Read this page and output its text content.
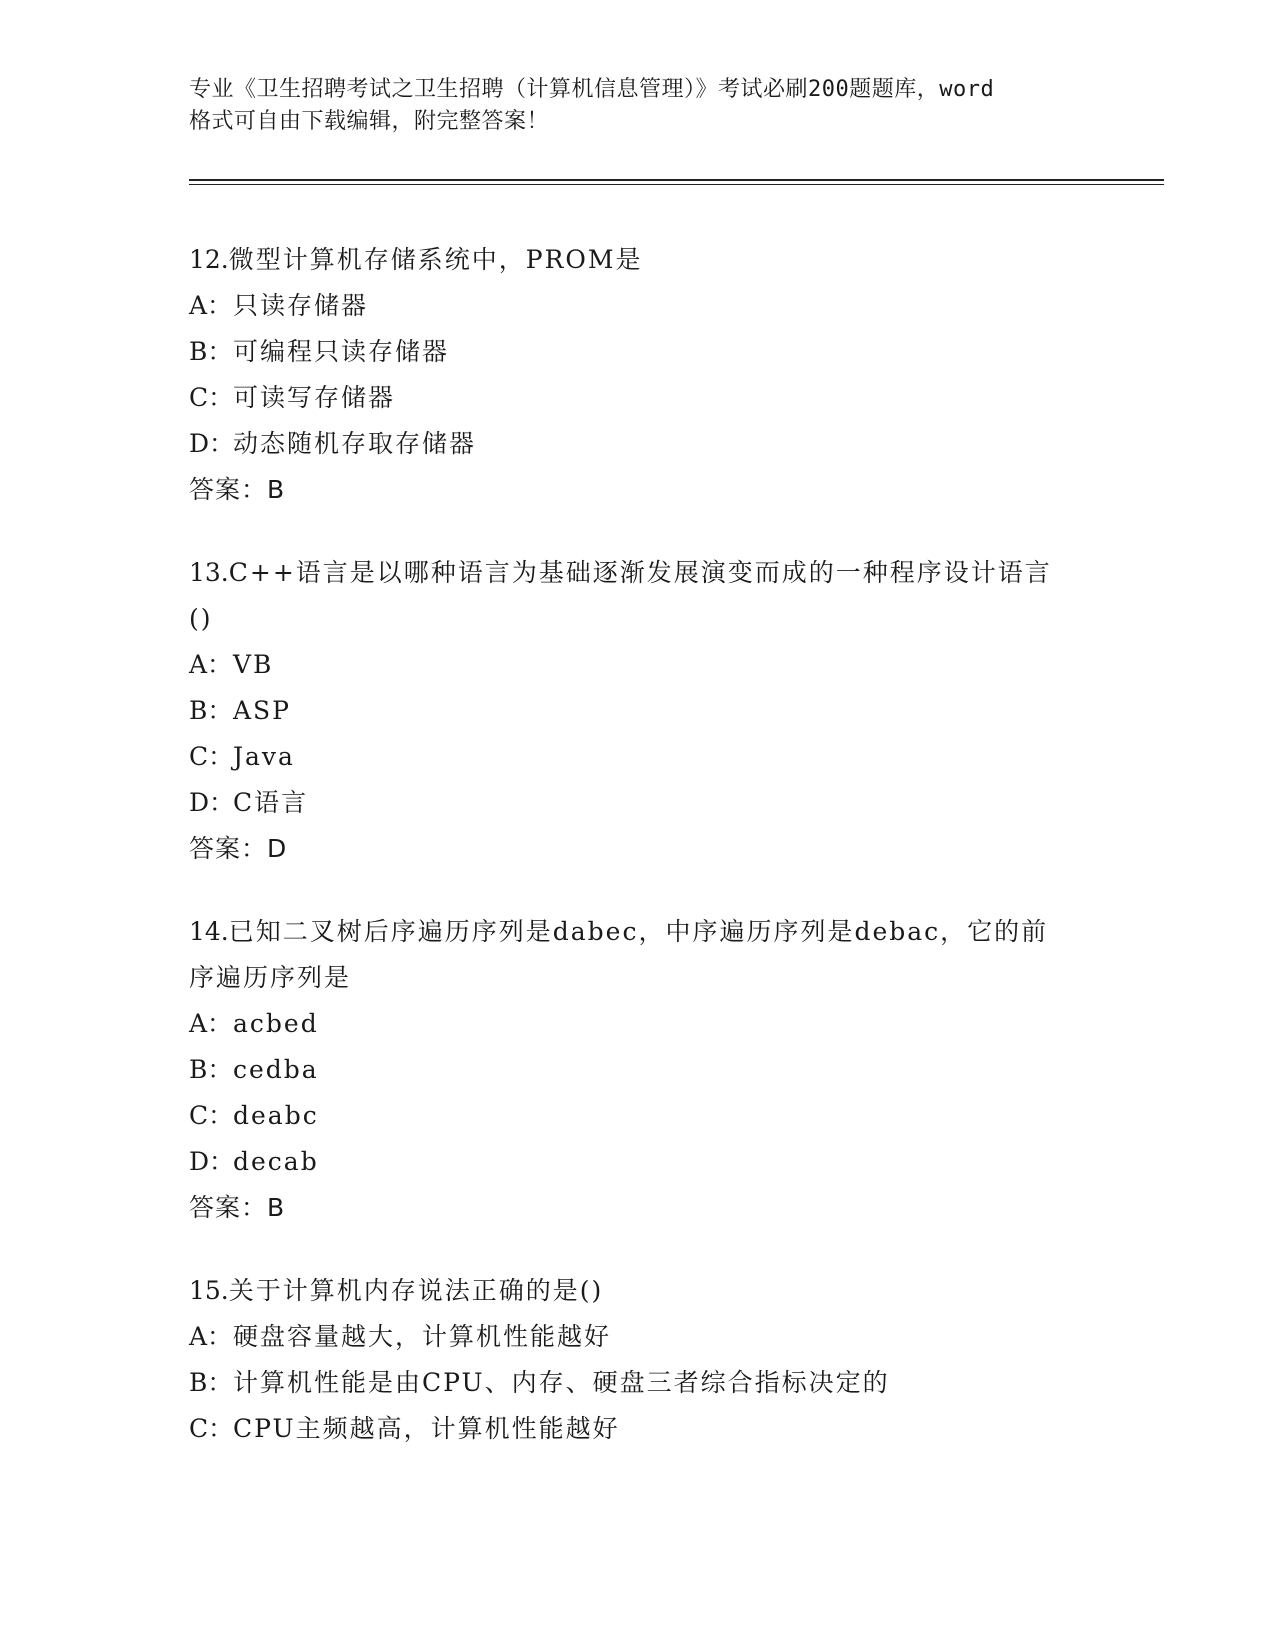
专业《卫生招聘考试之卫生招聘（计算机信息管理）》考试必刷200题题库，word
格式可自由下载编辑，附完整答案！
12.微型计算机存储系统中，PROM是
A：只读存储器
B：可编程只读存储器
C：可读写存储器
D：动态随机存取存储器
答案：B
13.C++语言是以哪种语言为基础逐渐发展演变而成的一种程序设计语言()
A：VB
B：ASP
C：Java
D：C语言
答案：D
14.已知二叉树后序遍历序列是dabec，中序遍历序列是debac，它的前序遍历序列是
A：acbed
B：cedba
C：deabc
D：decab
答案：B
15.关于计算机内存说法正确的是()
A：硬盘容量越大，计算机性能越好
B：计算机性能是由CPU、内存、硬盘三者综合指标决定的
C：CPU主频越高，计算机性能越好
